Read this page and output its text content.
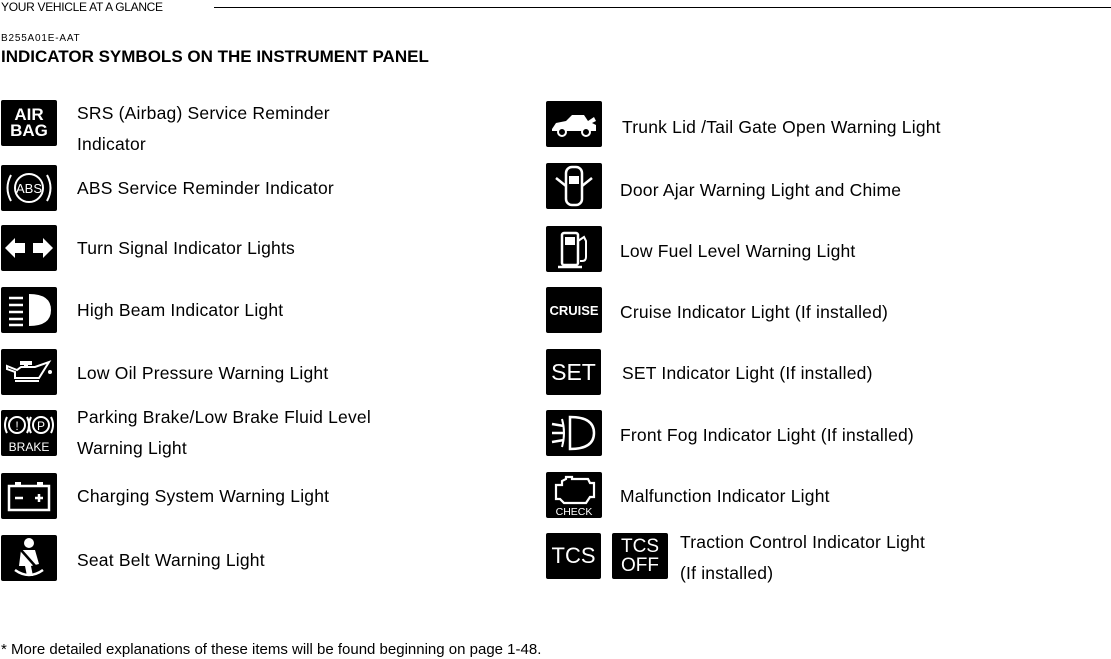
YOUR VEHICLE AT A GLANCE
B255A01E-AAT
INDICATOR SYMBOLS ON THE INSTRUMENT PANEL
AIR
BAG
SRS (Airbag) Service Reminder
Indicator
ABS ABS Service Reminder Indicator
Turn Signal Indicator Lights
High Beam Indicator Light
Low Oil Pressure Warning Light
! P
BRAKE
Parking Brake/Low Brake Fluid Level
Warning Light
Charging System Warning Light
Seat Belt Warning Light
Trunk Lid /Tail Gate Open Warning Light
Door Ajar Warning Light and Chime
Low Fuel Level Warning Light
CRUISE Cruise Indicator Light (If installed)
SET SET Indicator Light (If installed)
Front Fog Indicator Light (If installed)
CHECK
Malfunction Indicator Light
TCS TCS
OFF
Traction Control Indicator Light
(If installed)
* More detailed explanations of these items will be found beginning on page 1-48.
